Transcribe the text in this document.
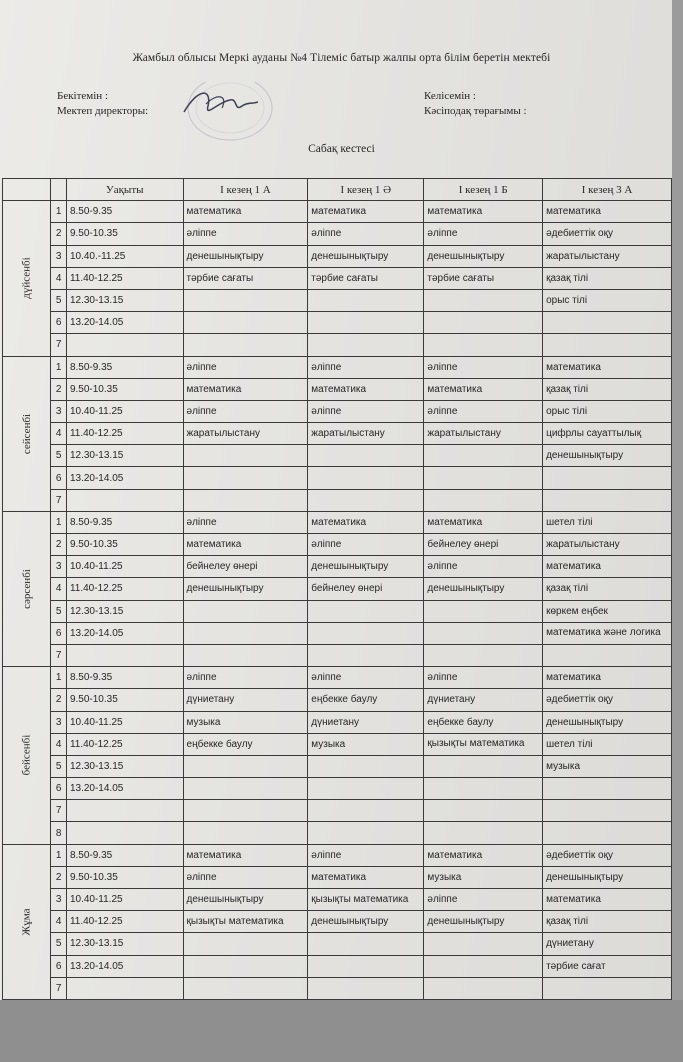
Жамбыл облысы Меркі ауданы №4 Тілеміс батыр жалпы орта білім беретін мектебі
Бекітемін :
Мектеп директоры:
Келісемін :
Кәсіподақ төрағымы :
Сабақ кестесі
		Уақыты	І кезең 1 А	І кезең 1 Ә	І кезең 1 Б	І кезең 3 А
дүйсенбі	1	8.50-9.35	математика	математика	математика	математика
	2	9.50-10.35	әліппе	әліппе	әліппе	әдебиеттік оқу
	3	10.40.-11.25	денешынықтыру	денешынықтыру	денешынықтыру	жаратылыстану
	4	11.40-12.25	тәрбие сағаты	тәрбие сағаты	тәрбие сағаты	қазақ тілі
	5	12.30-13.15				орыс тілі
	6	13.20-14.05				
	7					
сейсенбі	1	8.50-9.35	әліппе	әліппе	әліппе	математика
	2	9.50-10.35	математика	математика	математика	қазақ тілі
	3	10.40-11.25	әліппе	әліппе	әліппе	орыс тілі
	4	11.40-12.25	жаратылыстану	жаратылыстану	жаратылыстану	цифрлы сауаттылық
	5	12.30-13.15				денешынықтыру
	6	13.20-14.05				
	7					
сәрсенбі	1	8.50-9.35	әліппе	математика	математика	шетел тілі
	2	9.50-10.35	математика	әліппе	бейнелеу өнері	жаратылыстану
	3	10.40-11.25	бейнелеу өнері	денешынықтыру	әліппе	математика
	4	11.40-12.25	денешынықтыру	бейнелеу өнері	денешынықтыру	қазақ тілі
	5	12.30-13.15				көркем еңбек
	6	13.20-14.05				математика және логика
	7					
бейсенбі	1	8.50-9.35	әліппе	әліппе	әліппе	математика
	2	9.50-10.35	дүниетану	еңбекке баулу	дүниетану	әдебиеттік оқу
	3	10.40-11.25	музыка	дүниетану	еңбекке баулу	денешынықтыру
	4	11.40-12.25	еңбекке баулу	музыка	қызықты математика	шетел тілі
	5	12.30-13.15				музыка
	6	13.20-14.05				
	7					
	8					
Жұма	1	8.50-9.35	математика	әліппе	математика	әдебиеттік оқу
	2	9.50-10.35	әліппе	математика	музыка	денешынықтыру
	3	10.40-11.25	денешынықтыру	қызықты математика	әліппе	математика
	4	11.40-12.25	қызықты математика	денешынықтыру	денешынықтыру	қазақ тілі
	5	12.30-13.15				дүниетану
	6	13.20-14.05				тәрбие сағат
	7					
